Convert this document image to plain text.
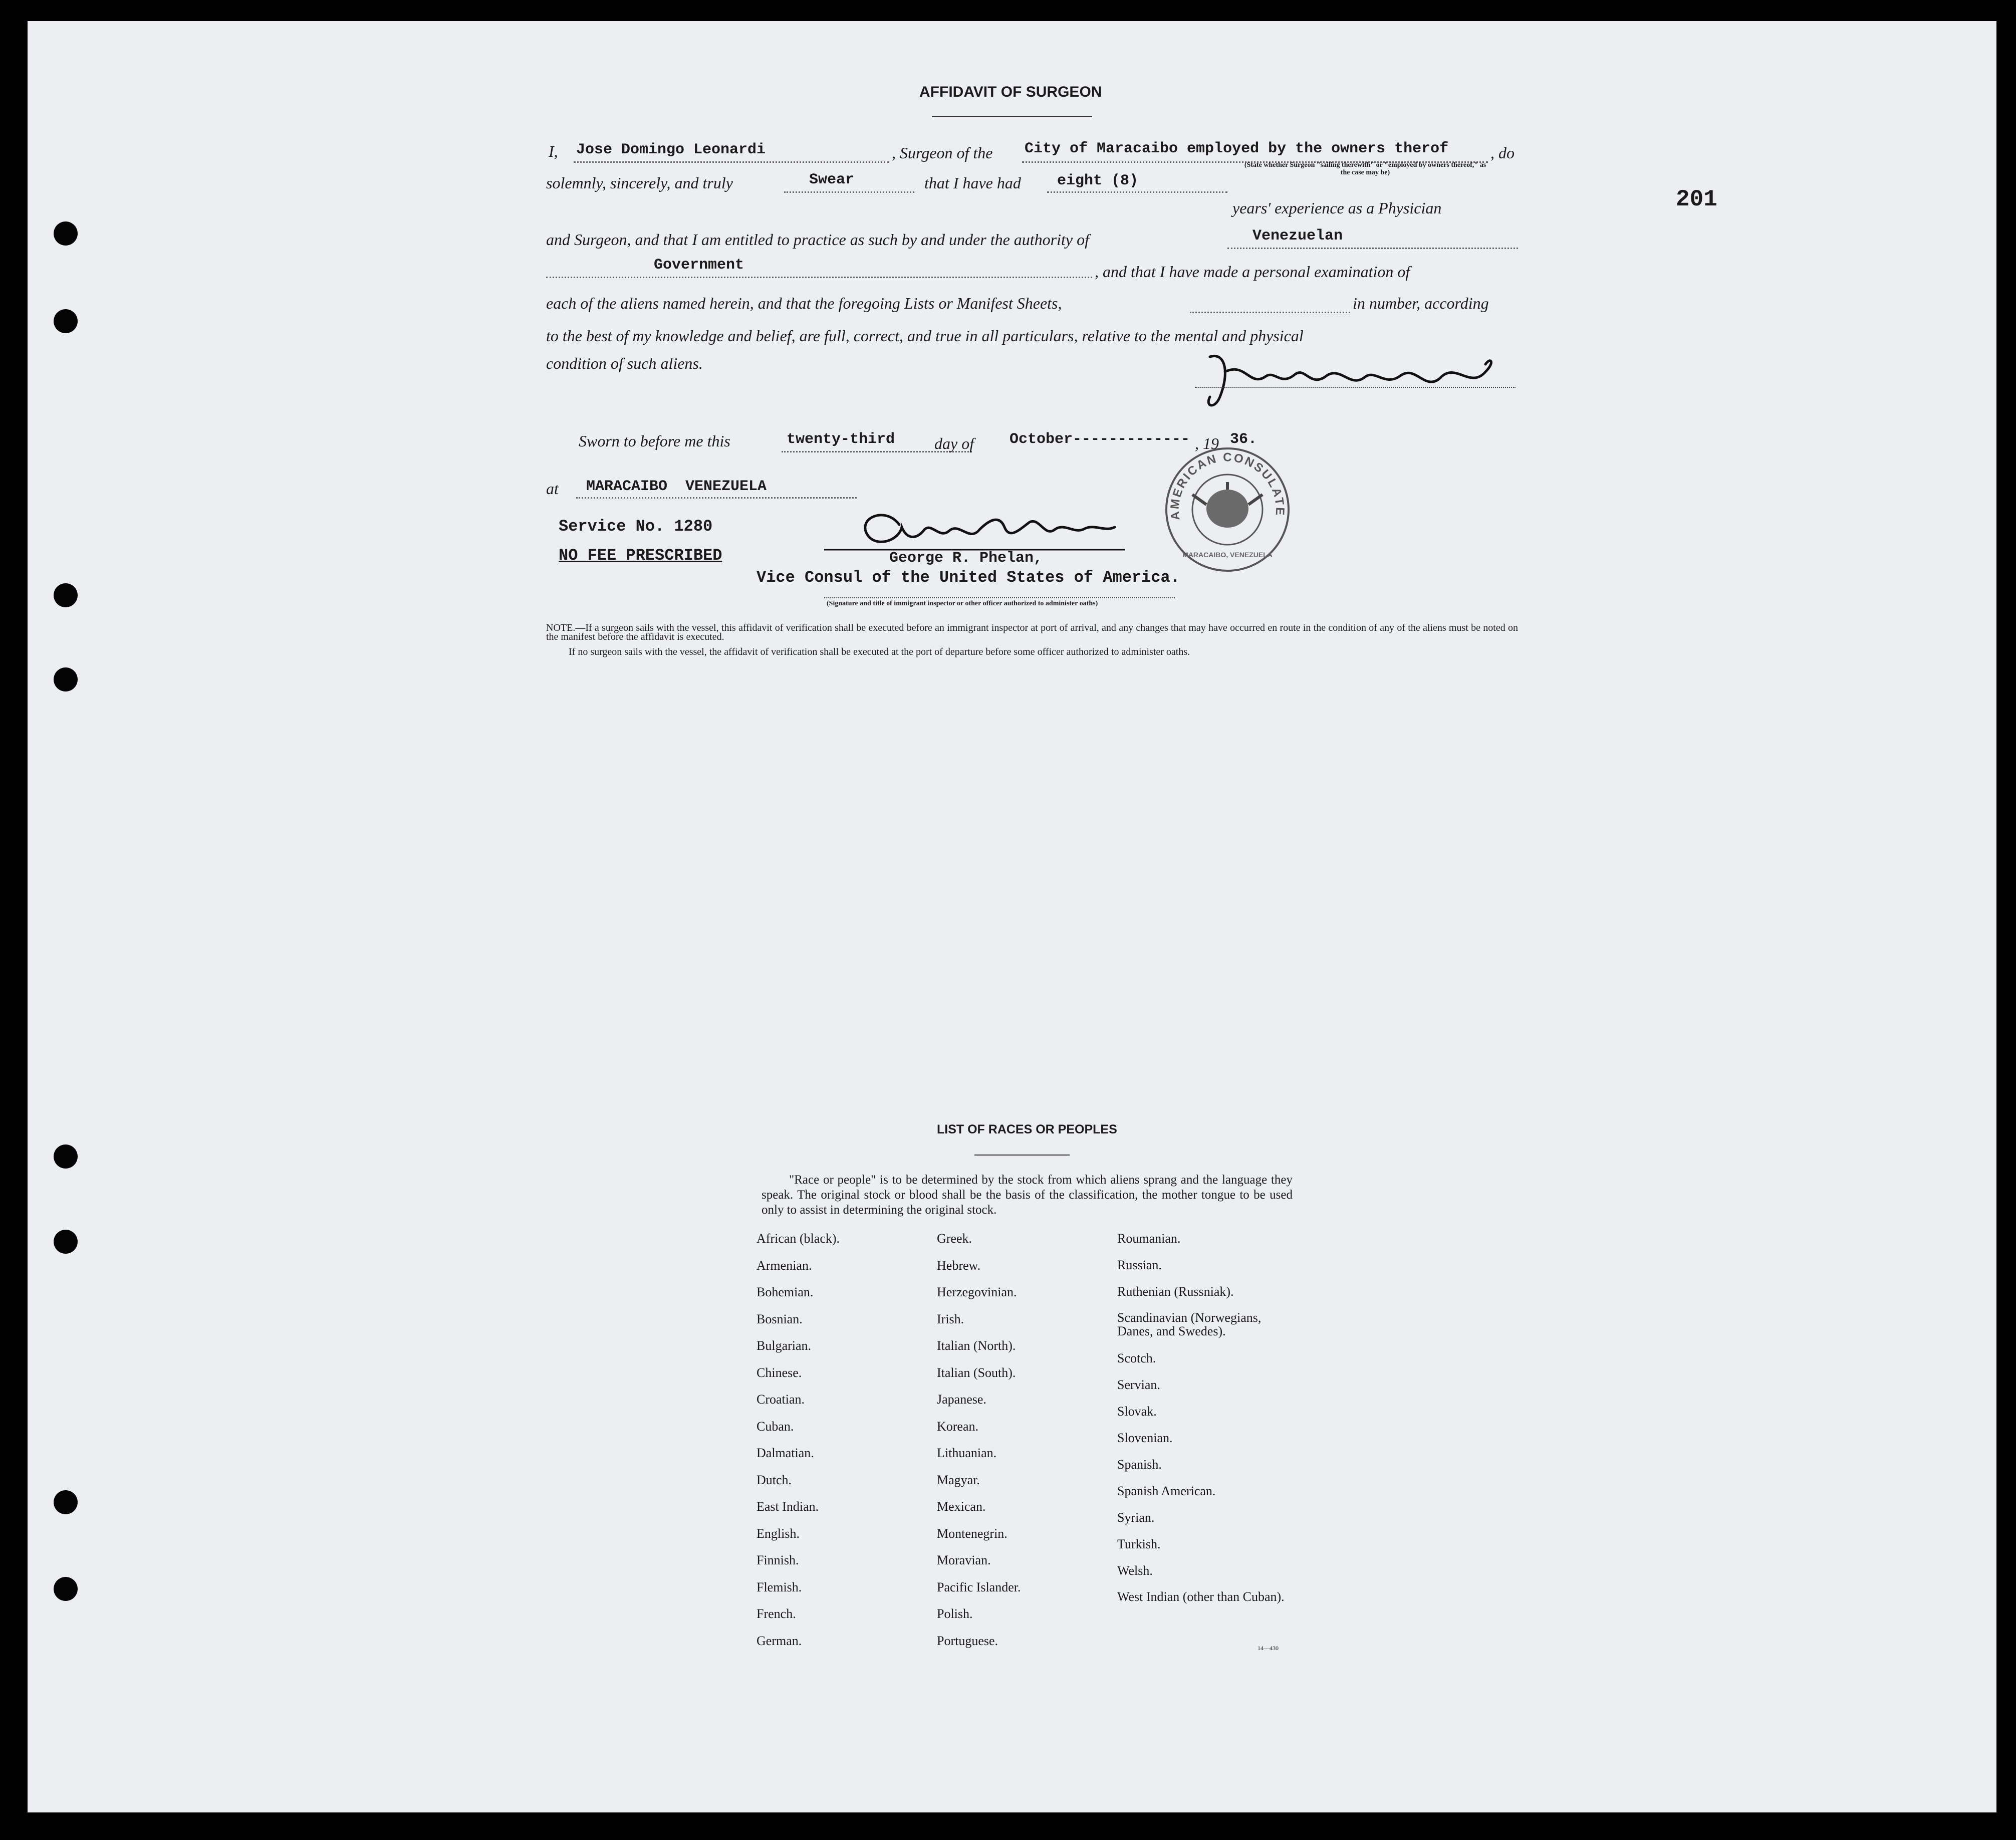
201
AFFIDAVIT OF SURGEON
I, Jose Domingo Leonardi	, Surgeon of the City of Maracaibo employed by the owners therof	, do
(State whether Surgeon "sailing therewith" or "employed by owners thereof," as the case may be)
solemnly, sincerely, and truly	Swear	that I have had eight (8)
years' experience as a Physician
and Surgeon, and that I am entitled to practice as such by and under the authority of	Venezuelan
Government	, and that I have made a personal examination of
each of the aliens named herein, and that the foregoing Lists or Manifest Sheets,	in number, according
to the best of my knowledge and belief, are full, correct, and true in all particulars, relative to the mental and physical
condition of such aliens.
Sworn to before me this	twenty-third day of October------------- , 19 36.
at MARACAIBO  VENEZUELA
Service No. 1280
NO FEE PRESCRIBED	George R. Phelan,
Vice Consul of the United States of America.
(Signature and title of immigrant inspector or other officer authorized to administer oaths)
AMERICAN CONSULATE
MARACAIBO, VENEZUELA
NOTE.—If a surgeon sails with the vessel, this affidavit of verification shall be executed before an immigrant inspector at port of arrival, and any changes that may have occurred en route in the condition of any of the aliens must be noted on the manifest before the affidavit is executed.
If no surgeon sails with the vessel, the affidavit of verification shall be executed at the port of departure before some officer authorized to administer oaths.
LIST OF RACES OR PEOPLES
"Race or people" is to be determined by the stock from which aliens sprang and the language they speak. The original stock or blood shall be the basis of the classification, the mother tongue to be used only to assist in determining the original stock.
African (black).
Armenian.
Bohemian.
Bosnian.
Bulgarian.
Chinese.
Croatian.
Cuban.
Dalmatian.
Dutch.
East Indian.
English.
Finnish.
Flemish.
French.
German.
Greek.
Hebrew.
Herzegovinian.
Irish.
Italian (North).
Italian (South).
Japanese.
Korean.
Lithuanian.
Magyar.
Mexican.
Montenegrin.
Moravian.
Pacific Islander.
Polish.
Portuguese.
Roumanian.
Russian.
Ruthenian (Russniak).
Scandinavian (Norwegians, Danes, and Swedes).
Scotch.
Servian.
Slovak.
Slovenian.
Spanish.
Spanish American.
Syrian.
Turkish.
Welsh.
West Indian (other than Cuban).
14—430
